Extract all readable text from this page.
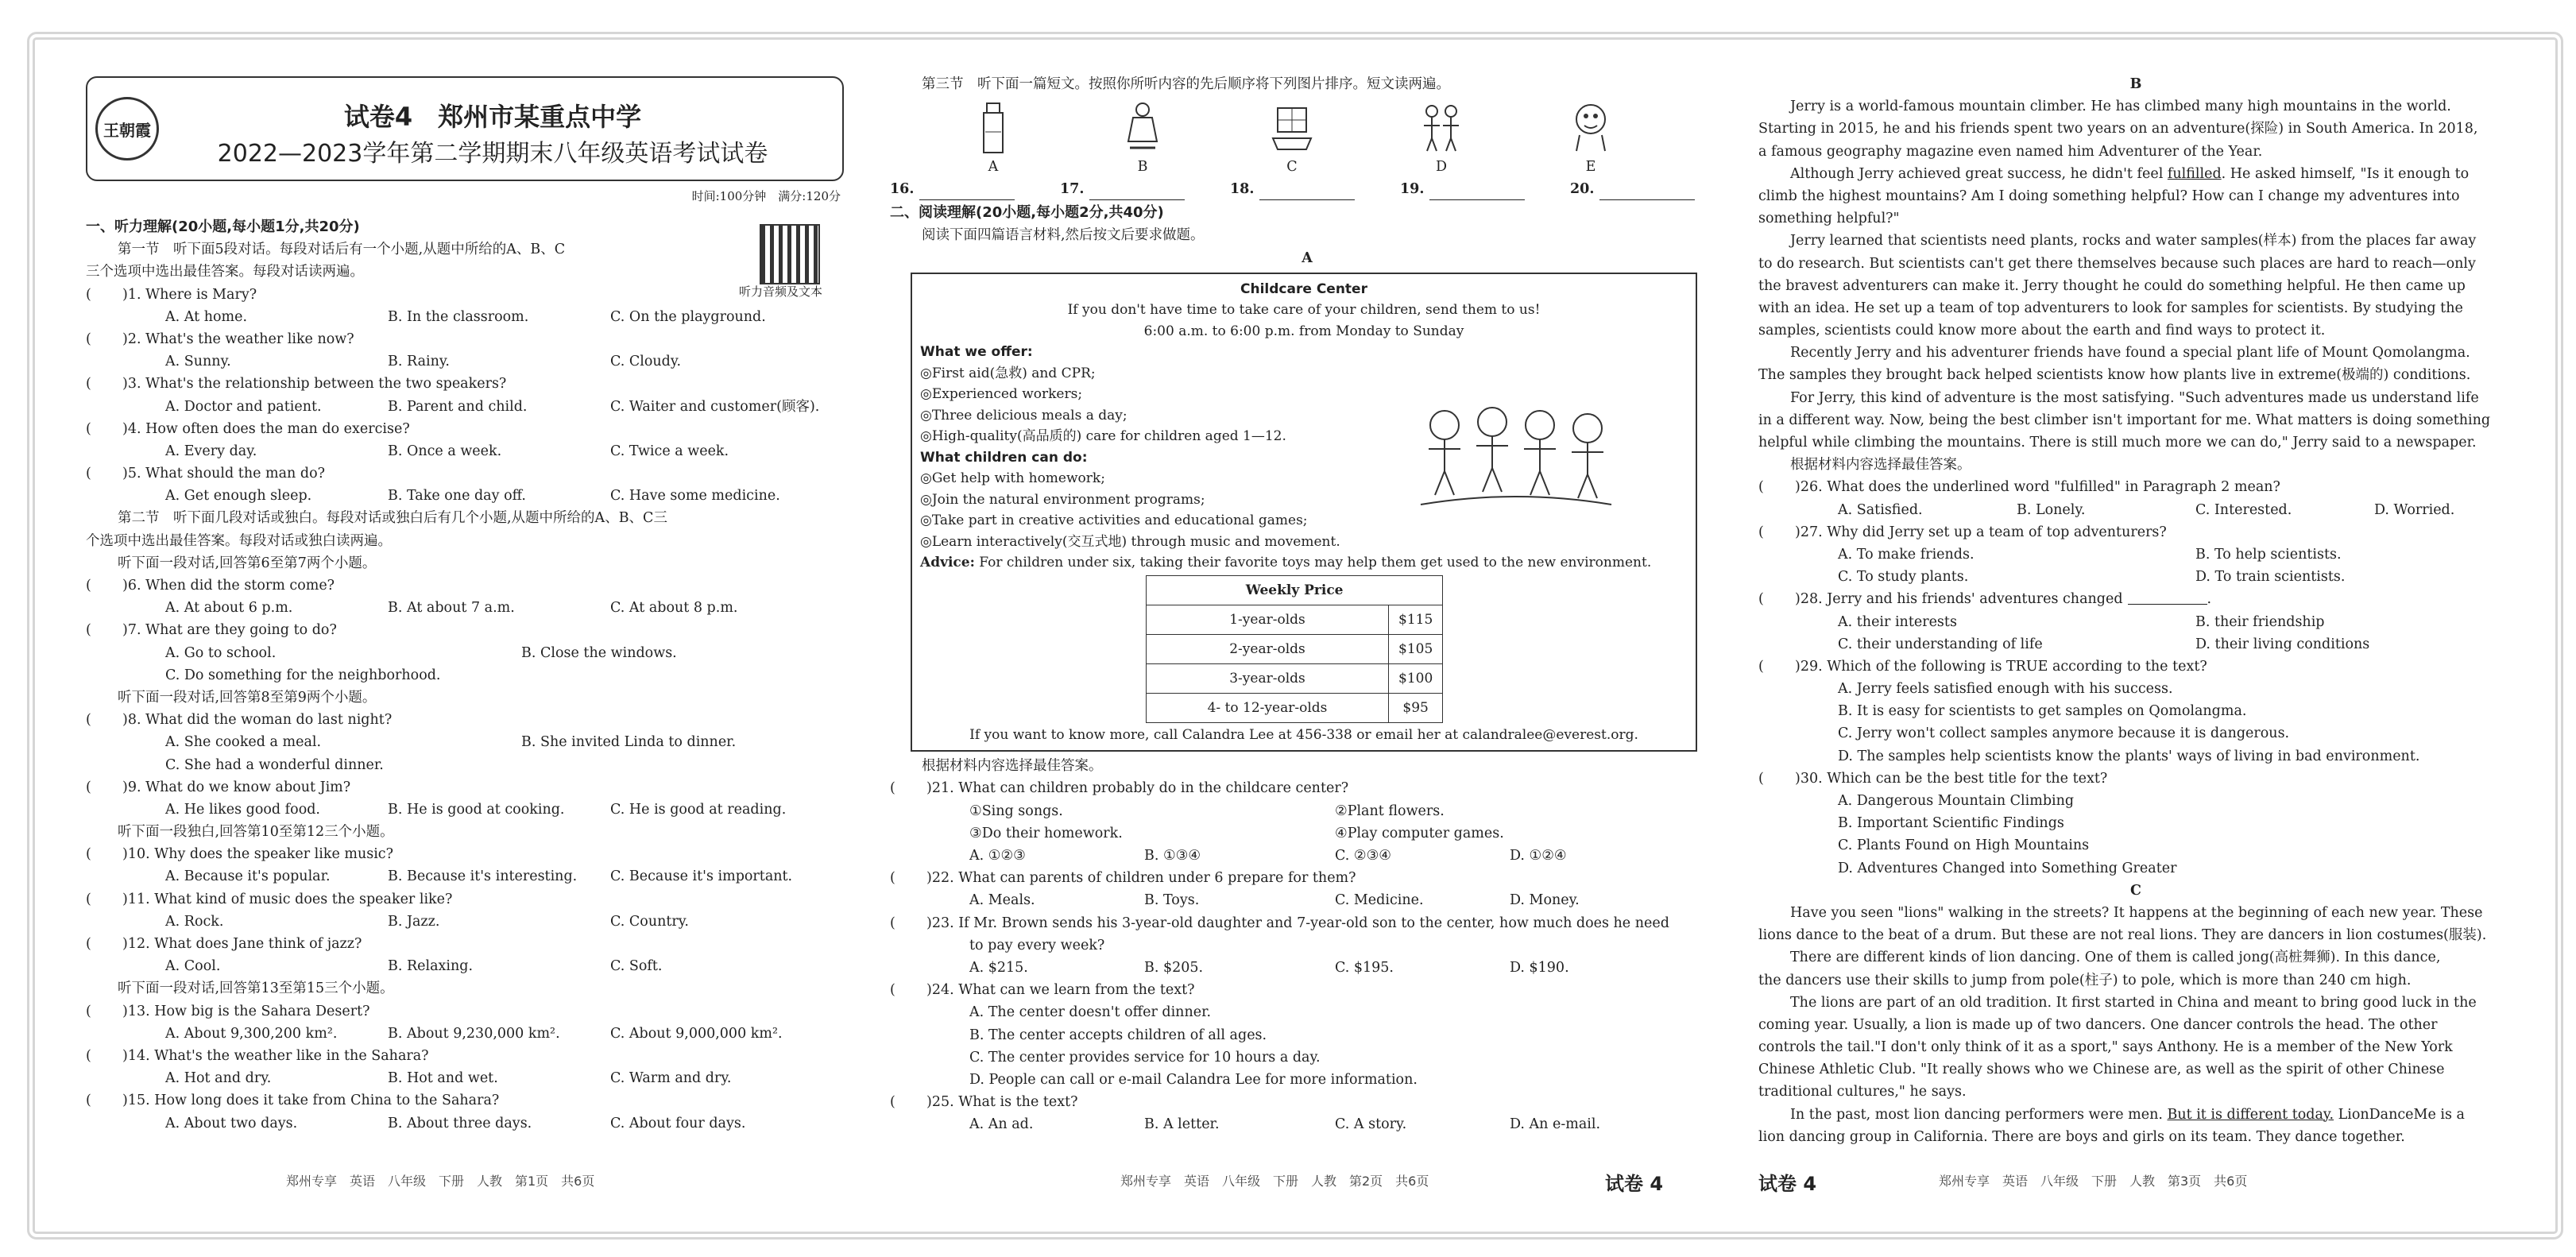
王朝霞	试卷4　郑州市某重点中学
2022—2023学年第二学期期末八年级英语考试试卷
时间:100分钟　满分:120分
听力音频及文本
一、听力理解(20小题,每小题1分,共20分)
第一节　听下面5段对话。每段对话后有一个小题,从题中所给的A、B、C
三个选项中选出最佳答案。每段对话读两遍。
(	)1. Where is Mary?
A. At home.	B. In the classroom.	C. On the playground.
(	)2. What's the weather like now?
A. Sunny.	B. Rainy.	C. Cloudy.
(	)3. What's the relationship between the two speakers?
A. Doctor and patient.	B. Parent and child.	C. Waiter and customer(顾客).
(	)4. How often does the man do exercise?
A. Every day.	B. Once a week.	C. Twice a week.
(	)5. What should the man do?
A. Get enough sleep.	B. Take one day off.	C. Have some medicine.
第二节　听下面几段对话或独白。每段对话或独白后有几个小题,从题中所给的A、B、C三
个选项中选出最佳答案。每段对话或独白读两遍。
听下面一段对话,回答第6至第7两个小题。
(	)6. When did the storm come?
A. At about 6 p.m.	B. At about 7 a.m.	C. At about 8 p.m.
(	)7. What are they going to do?
A. Go to school.	B. Close the windows.
C. Do something for the neighborhood.
听下面一段对话,回答第8至第9两个小题。
(	)8. What did the woman do last night?
A. She cooked a meal.	B. She invited Linda to dinner.
C. She had a wonderful dinner.
(	)9. What do we know about Jim?
A. He likes good food.	B. He is good at cooking.	C. He is good at reading.
听下面一段独白,回答第10至第12三个小题。
(	)10. Why does the speaker like music?
A. Because it's popular.	B. Because it's interesting.	C. Because it's important.
(	)11. What kind of music does the speaker like?
A. Rock.	B. Jazz.	C. Country.
(	)12. What does Jane think of jazz?
A. Cool.	B. Relaxing.	C. Soft.
听下面一段对话,回答第13至第15三个小题。
(	)13. How big is the Sahara Desert?
A. About 9,300,200 km².	B. About 9,230,000 km².	C. About 9,000,000 km².
(	)14. What's the weather like in the Sahara?
A. Hot and dry.	B. Hot and wet.	C. Warm and dry.
(	)15. How long does it take from China to the Sahara?
A. About two days.	B. About three days.	C. About four days.
郑州专享　英语　八年级　下册　人教　第1页　共6页
第三节　听下面一篇短文。按照你所听内容的先后顺序将下列图片排序。短文读两遍。
A	B	C	D	E
16.	17.	18.	19.	20.
二、阅读理解(20小题,每小题2分,共40分)
阅读下面四篇语言材料,然后按文后要求做题。
A
Childcare Center
If you don't have time to take care of your children, send them to us!
6:00 a.m. to 6:00 p.m. from Monday to Sunday
What we offer:
◎First aid(急救) and CPR;
◎Experienced workers;
◎Three delicious meals a day;
◎High-quality(高品质的) care for children aged 1—12.
What children can do:
◎Get help with homework;
◎Join the natural environment programs;
◎Take part in creative activities and educational games;
◎Learn interactively(交互式地) through music and movement.
Advice: For children under six, taking their favorite toys may help them get used to the new environment.
Weekly Price	
1-year-olds	$115
2-year-olds	$105
3-year-olds	$100
4- to 12-year-olds	$95
If you want to know more, call Calandra Lee at 456-338 or email her at calandralee@everest.org.
根据材料内容选择最佳答案。
(	)21. What can children probably do in the childcare center?
①Sing songs.	②Plant flowers.
③Do their homework.	④Play computer games.
A. ①②③	B. ①③④	C. ②③④	D. ①②④
(	)22. What can parents of children under 6 prepare for them?
A. Meals.	B. Toys.	C. Medicine.	D. Money.
(	)23. If Mr. Brown sends his 3-year-old daughter and 7-year-old son to the center, how much does he need
to pay every week?
A. $215.	B. $205.	C. $195.	D. $190.
(	)24. What can we learn from the text?
A. The center doesn't offer dinner.
B. The center accepts children of all ages.
C. The center provides service for 10 hours a day.
D. People can call or e-mail Calandra Lee for more information.
(	)25. What is the text?
A. An ad.	B. A letter.	C. A story.	D. An e-mail.
郑州专享　英语　八年级　下册　人教　第2页　共6页	试卷 4
B
Jerry is a world-famous mountain climber. He has climbed many high mountains in the world.
Starting in 2015, he and his friends spent two years on an adventure(探险) in South America. In 2018,
a famous geography magazine even named him Adventurer of the Year.
Although Jerry achieved great success, he didn't feel fulfilled. He asked himself, "Is it enough to
climb the highest mountains? Am I doing something helpful? How can I change my adventures into
something helpful?"
Jerry learned that scientists need plants, rocks and water samples(样本) from the places far away
to do research. But scientists can't get there themselves because such places are hard to reach—only
the bravest adventurers can make it. Jerry thought he could do something helpful. He then came up
with an idea. He set up a team of top adventurers to look for samples for scientists. By studying the
samples, scientists could know more about the earth and find ways to protect it.
Recently Jerry and his adventurer friends have found a special plant life of Mount Qomolangma.
The samples they brought back helped scientists know how plants live in extreme(极端的) conditions.
For Jerry, this kind of adventure is the most satisfying. "Such adventures made us understand life
in a different way. Now, being the best climber isn't important for me. What matters is doing something
helpful while climbing the mountains. There is still much more we can do," Jerry said to a newspaper.
根据材料内容选择最佳答案。
(	)26. What does the underlined word "fulfilled" in Paragraph 2 mean?
A. Satisfied.	B. Lonely.	C. Interested.	D. Worried.
(	)27. Why did Jerry set up a team of top adventurers?
A. To make friends.	B. To help scientists.
C. To study plants.	D. To train scientists.
(	)28. Jerry and his friends' adventures changed	.
A. their interests	B. their friendship
C. their understanding of life	D. their living conditions
(	)29. Which of the following is TRUE according to the text?
A. Jerry feels satisfied enough with his success.
B. It is easy for scientists to get samples on Qomolangma.
C. Jerry won't collect samples anymore because it is dangerous.
D. The samples help scientists know the plants' ways of living in bad environment.
(	)30. Which can be the best title for the text?
A. Dangerous Mountain Climbing
B. Important Scientific Findings
C. Plants Found on High Mountains
D. Adventures Changed into Something Greater
C
Have you seen "lions" walking in the streets? It happens at the beginning of each new year. These
lions dance to the beat of a drum. But these are not real lions. They are dancers in lion costumes(服装).
There are different kinds of lion dancing. One of them is called jong(高桩舞狮). In this dance,
the dancers use their skills to jump from pole(柱子) to pole, which is more than 240 cm high.
The lions are part of an old tradition. It first started in China and meant to bring good luck in the
coming year. Usually, a lion is made up of two dancers. One dancer controls the head. The other
controls the tail."I don't only think of it as a sport," says Anthony. He is a member of the New York
Chinese Athletic Club. "It really shows who we Chinese are, as well as the spirit of other Chinese
traditional cultures," he says.
In the past, most lion dancing performers were men. But it is different today. LionDanceMe is a
lion dancing group in California. There are boys and girls on its team. They dance together.
试卷 4	郑州专享　英语　八年级　下册　人教　第3页　共6页
